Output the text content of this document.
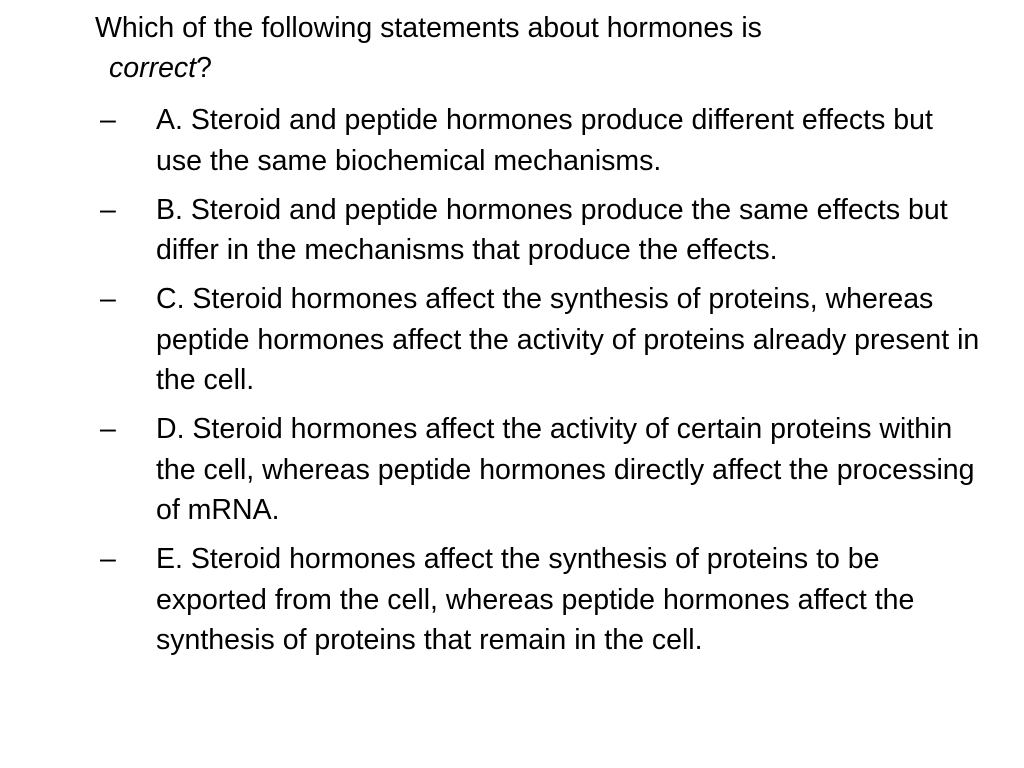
Which of the following statements about hormones is
correct?

– A. Steroid and peptide hormones produce different effects but use the same biochemical mechanisms.
– B. Steroid and peptide hormones produce the same effects but differ in the mechanisms that produce the effects.
– C. Steroid hormones affect the synthesis of proteins, whereas peptide hormones affect the activity of proteins already present in the cell.
– D. Steroid hormones affect the activity of certain proteins within the cell, whereas peptide hormones directly affect the processing of mRNA.
– E. Steroid hormones affect the synthesis of proteins to be exported from the cell, whereas peptide hormones affect the synthesis of proteins that remain in the cell.
